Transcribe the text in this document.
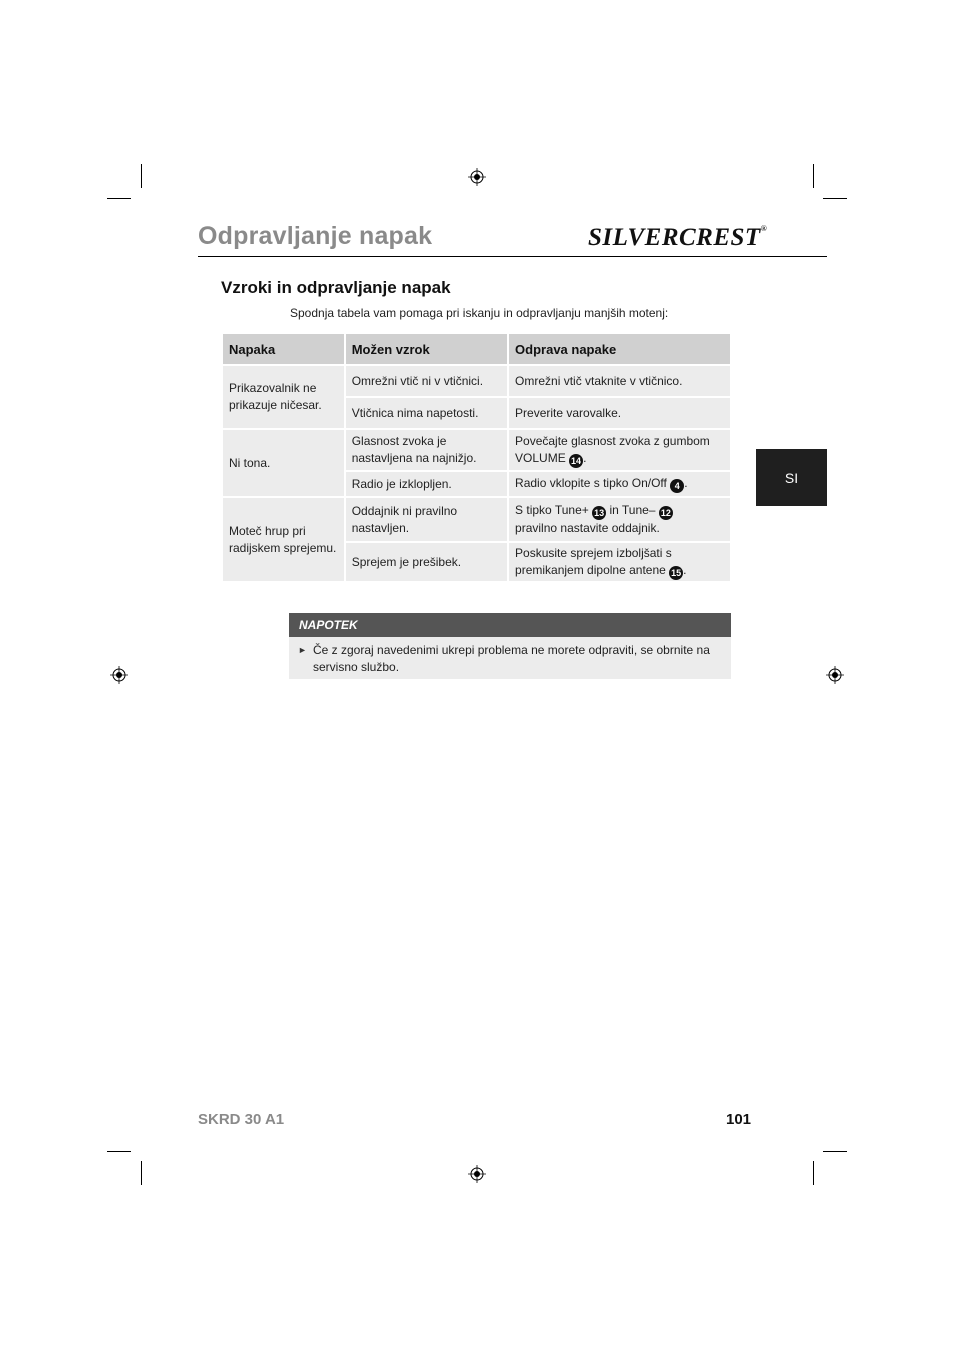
Odpravljanje napak	SILVERCREST®
Vzroki in odpravljanje napak
Spodnja tabela vam pomaga pri iskanju in odpravljanju manjših motenj:
Napaka	Možen vzrok	Odprava napake
Prikazovalnik ne prikazuje ničesar.	Omrežni vtič ni v vtičnici.	Omrežni vtič vtaknite v vtičnico.
	Vtičnica nima napetosti.	Preverite varovalke.
Ni tona.	Glasnost zvoka je nastavljena na najnižjo.	Povečajte glasnost zvoka z gumbom VOLUME 14 .
	Radio je izklopljen.	Radio vklopite s tipko On/Off 4 .
Moteč hrup pri radijskem sprejemu.	Oddajnik ni pravilno nastavljen.	S tipko Tune+ 13 in Tune– 12
pravilno nastavite oddajnik.
	Sprejem je prešibek.	Poskusite sprejem izboljšati s premikanjem dipolne antene 15 .
SI
NAPOTEK
► Če z zgoraj navedenimi ukrepi problema ne morete odpraviti, se obrnite na servisno službo.
SKRD 30 A1	101
